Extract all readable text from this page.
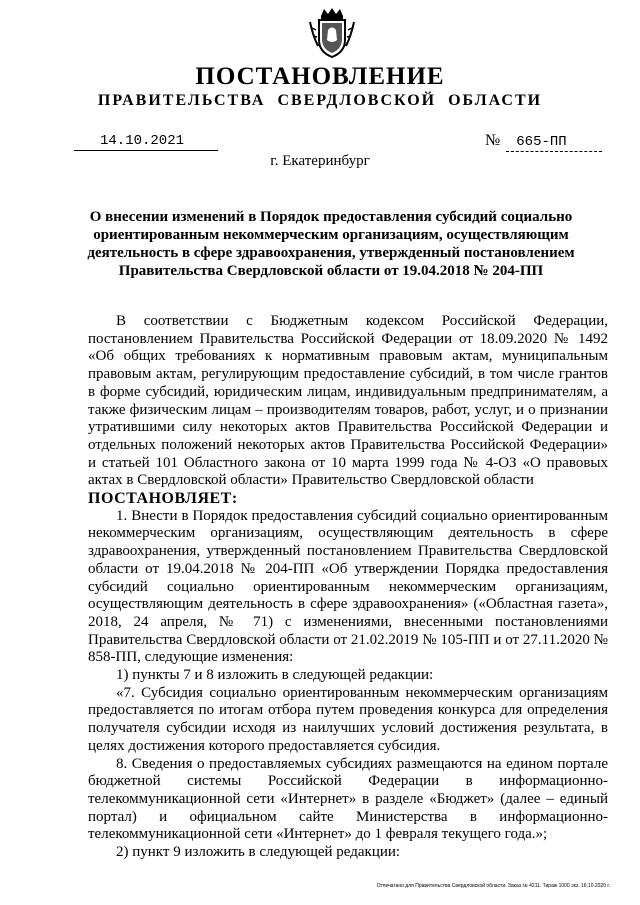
ПОСТАНОВЛЕНИЕ
ПРАВИТЕЛЬСТВА СВЕРДЛОВСКОЙ ОБЛАСТИ
14.10.2021	№ 665-ПП
г. Екатеринбург
О внесении изменений в Порядок предоставления субсидий социально ориентированным некоммерческим организациям, осуществляющим деятельность в сфере здравоохранения, утвержденный постановлением Правительства Свердловской области от 19.04.2018 № 204-ПП

В соответствии с Бюджетным кодексом Российской Федерации, постановлением Правительства Российской Федерации от 18.09.2020 № 1492 «Об общих требованиях к нормативным правовым актам, муниципальным правовым актам, регулирующим предоставление субсидий, в том числе грантов в форме субсидий, юридическим лицам, индивидуальным предпринимателям, а также физическим лицам – производителям товаров, работ, услуг, и о признании утратившими силу некоторых актов Правительства Российской Федерации и отдельных положений некоторых актов Правительства Российской Федерации» и статьей 101 Областного закона от 10 марта 1999 года № 4-ОЗ «О правовых актах в Свердловской области» Правительство Свердловской области

ПОСТАНОВЛЯЕТ:

1. Внести в Порядок предоставления субсидий социально ориентированным некоммерческим организациям, осуществляющим деятельность в сфере здравоохранения, утвержденный постановлением Правительства Свердловской области от 19.04.2018 № 204-ПП «Об утверждении Порядка предоставления субсидий социально ориентированным некоммерческим организациям, осуществляющим деятельность в сфере здравоохранения» («Областная газета», 2018, 24 апреля, № 71) с изменениями, внесенными постановлениями Правительства Свердловской области от 21.02.2019 № 105-ПП и от 27.11.2020 № 858-ПП, следующие изменения:

1) пункты 7 и 8 изложить в следующей редакции:

«7. Субсидия социально ориентированным некоммерческим организациям предоставляется по итогам отбора путем проведения конкурса для определения получателя субсидии исходя из наилучших условий достижения результата, в целях достижения которого предоставляется субсидия.

8. Сведения о предоставляемых субсидиях размещаются на едином портале бюджетной системы Российской Федерации в информационно-телекоммуникационной сети «Интернет» в разделе «Бюджет» (далее – единый портал) и официальном сайте Министерства в информационно-телекоммуникационной сети «Интернет» до 1 февраля текущего года.»;

2) пункт 9 изложить в следующей редакции:

Отпечатано для Правительства Свердловской области. Заказ № 4211. Тираж 1000 экз. 16.10.2020 г.
